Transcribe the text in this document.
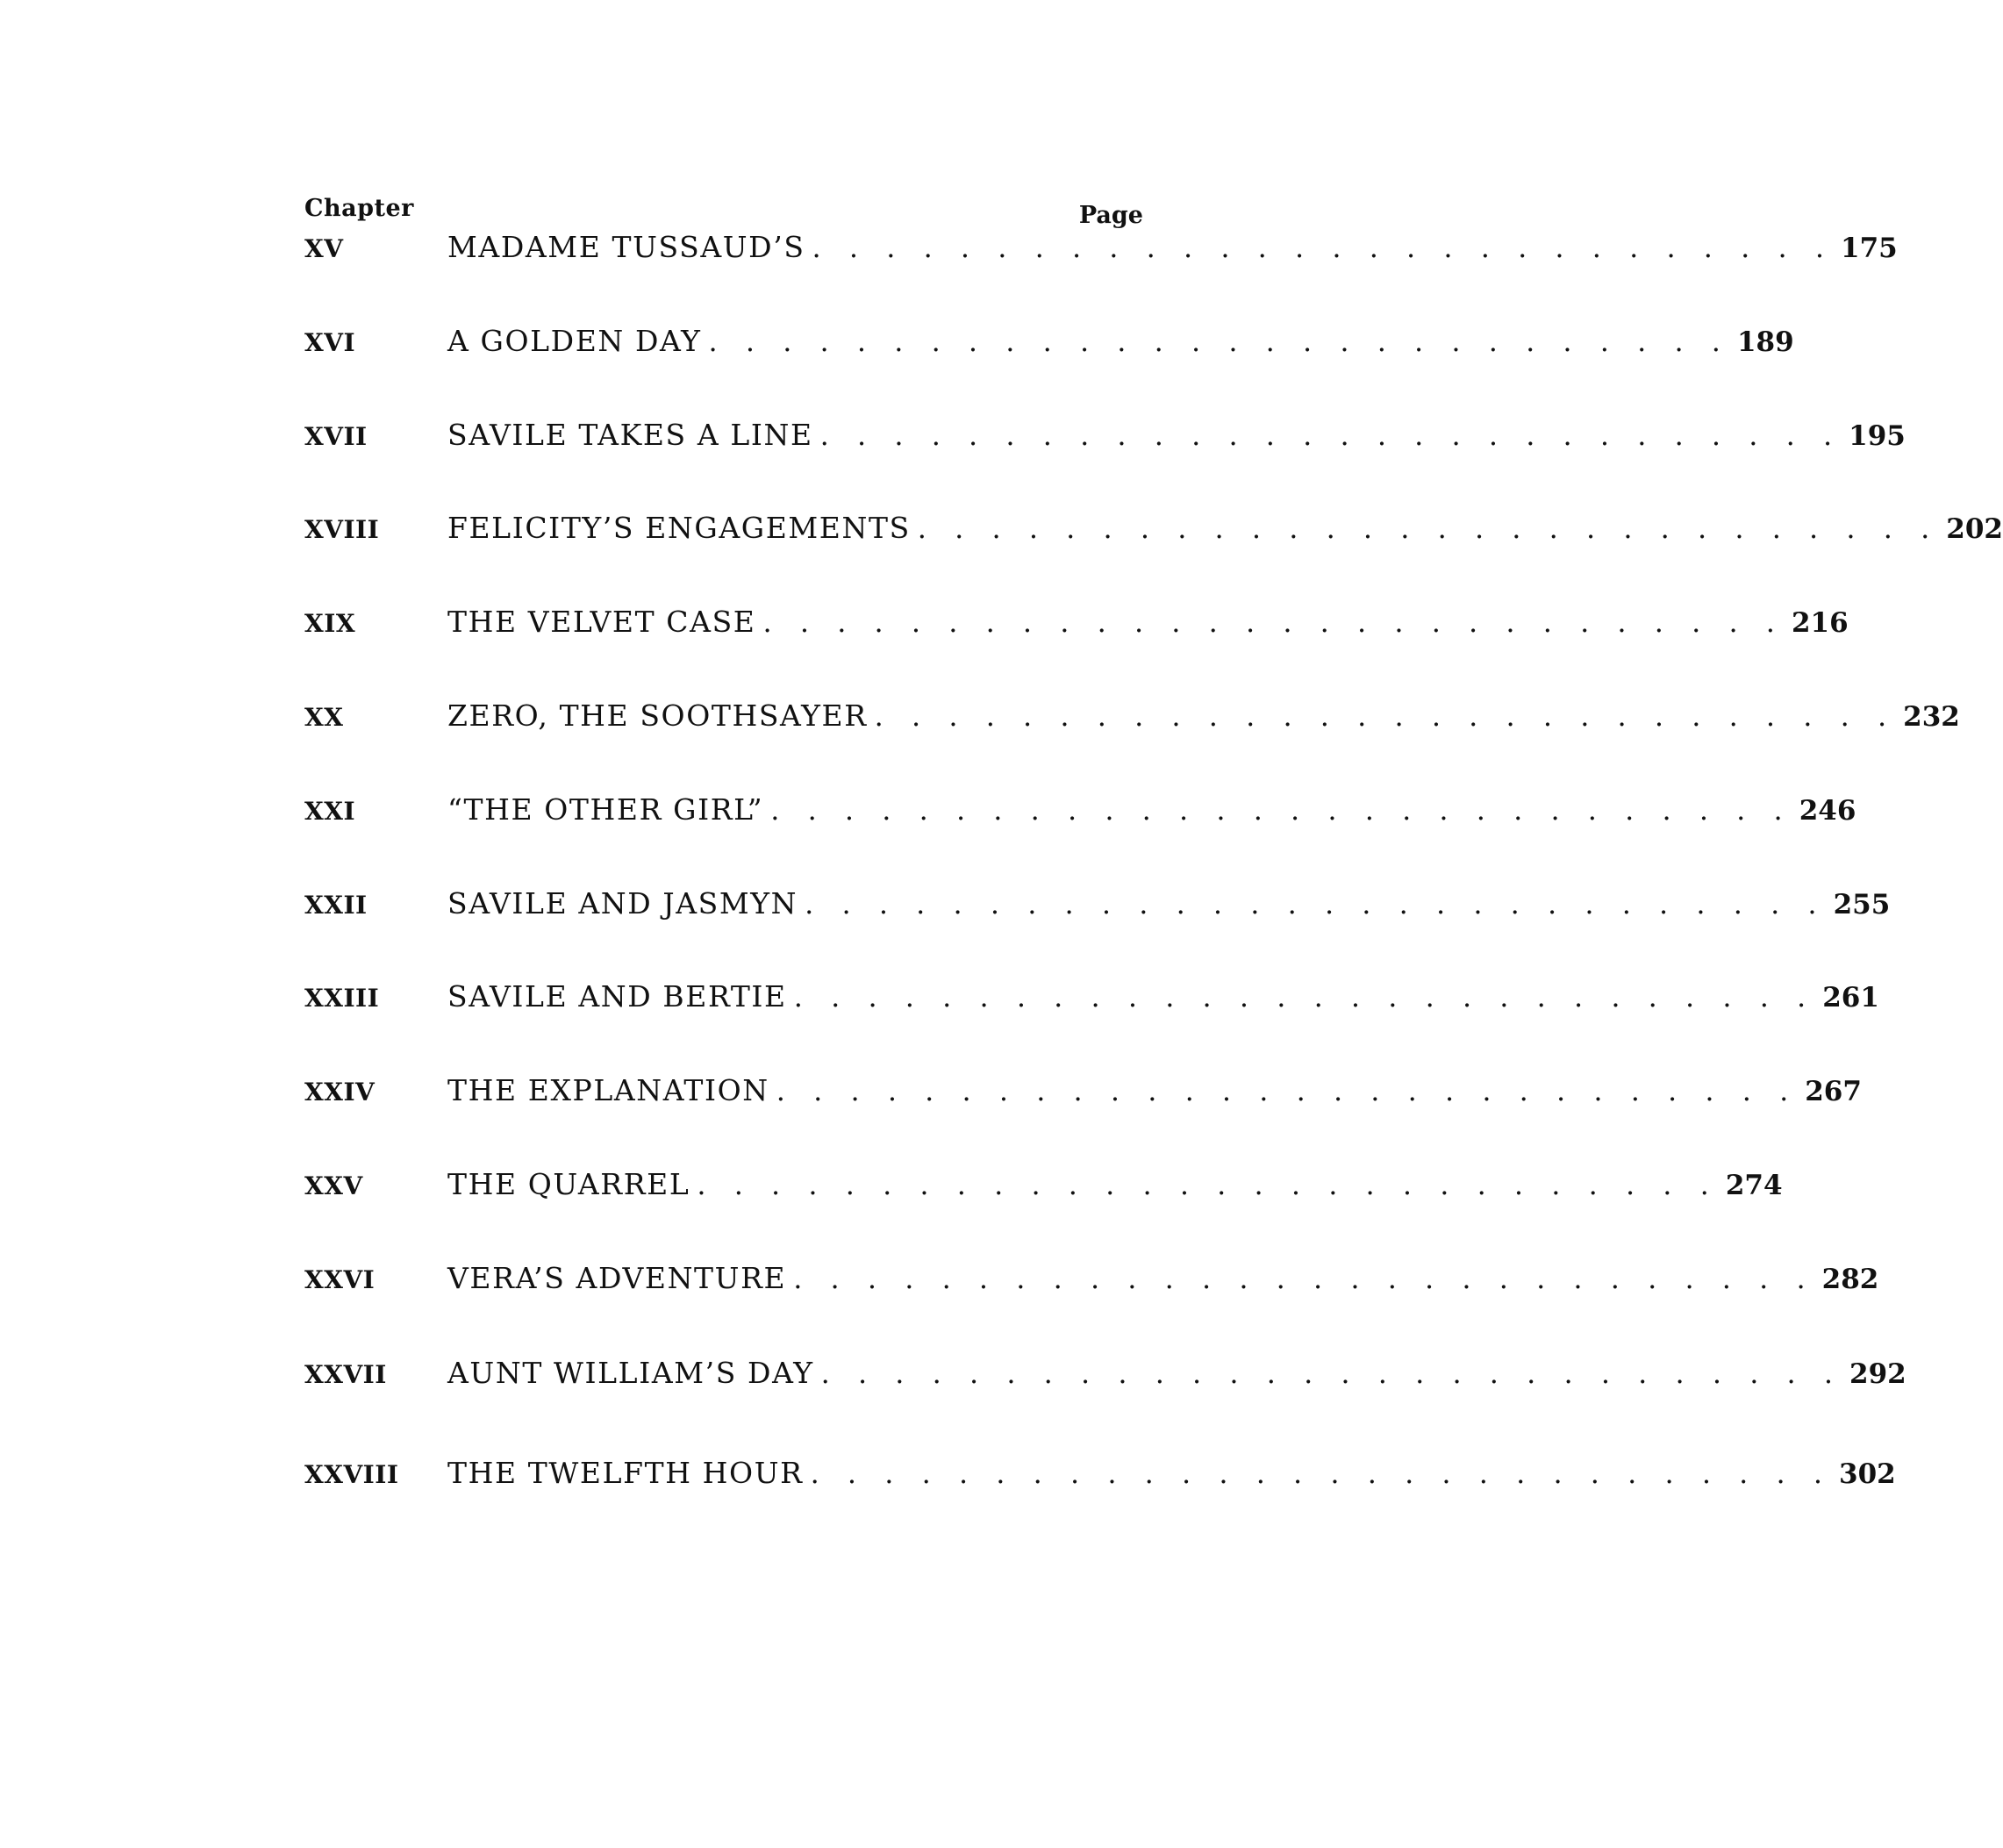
Chapter	Page
XV	MADAME TUSSAUD’S . . . . . . . . . . . . . . . . . . . . . . . . . . . . 175
XVI	A GOLDEN DAY . . . . . . . . . . . . . . . . . . . . . . . . . . . . 189
XVII	SAVILE TAKES A LINE . . . . . . . . . . . . . . . . . . . . . . . . . . . . 195
XVIII	FELICITY’S ENGAGEMENTS . . . . . . . . . . . . . . . . . . . . . . . . . . . . 202
XIX	THE VELVET CASE . . . . . . . . . . . . . . . . . . . . . . . . . . . . 216
XX	ZERO, THE SOOTHSAYER . . . . . . . . . . . . . . . . . . . . . . . . . . . . 232
XXI	“THE OTHER GIRL” . . . . . . . . . . . . . . . . . . . . . . . . . . . . 246
XXII	SAVILE AND JASMYN . . . . . . . . . . . . . . . . . . . . . . . . . . . . 255
XXIII	SAVILE AND BERTIE . . . . . . . . . . . . . . . . . . . . . . . . . . . . 261
XXIV	THE EXPLANATION . . . . . . . . . . . . . . . . . . . . . . . . . . . . 267
XXV	THE QUARREL . . . . . . . . . . . . . . . . . . . . . . . . . . . . 274
XXVI	VERA’S ADVENTURE . . . . . . . . . . . . . . . . . . . . . . . . . . . . 282
XXVII	AUNT WILLIAM’S DAY . . . . . . . . . . . . . . . . . . . . . . . . . . . . 292
XXVIII	THE TWELFTH HOUR . . . . . . . . . . . . . . . . . . . . . . . . . . . . 302
